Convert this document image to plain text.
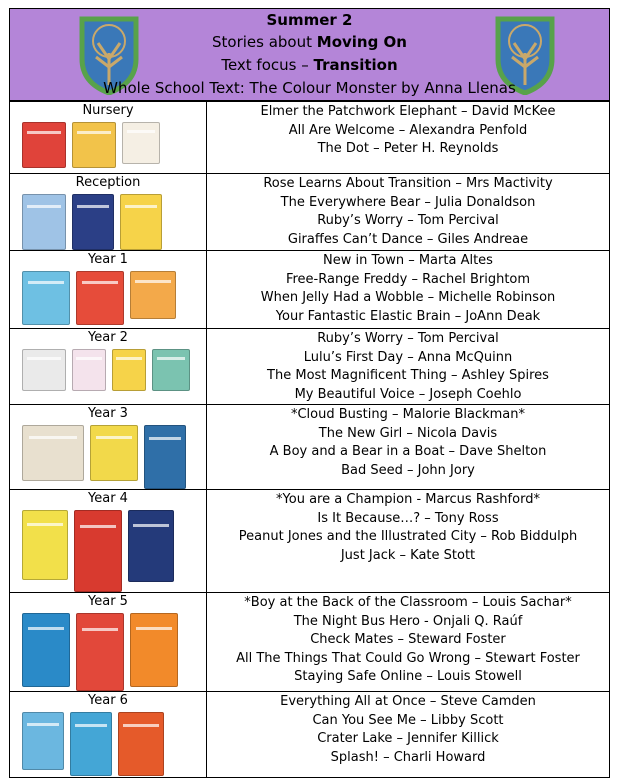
Summer 2
Stories about Moving On
Text focus – Transition
Whole School Text: The Colour Monster by Anna Llenas
Nursery	Elmer the Patchwork Elephant – David McKee
All Are Welcome – Alexandra Penfold
The Dot – Peter H. Reynolds

Reception	Rose Learns About Transition – Mrs Mactivity
The Everywhere Bear – Julia Donaldson
Ruby’s Worry – Tom Percival
Giraffes Can’t Dance – Giles Andreae

Year 1	New in Town – Marta Altes
Free-Range Freddy – Rachel Brightom
When Jelly Had a Wobble – Michelle Robinson
Your Fantastic Elastic Brain – JoAnn Deak

Year 2	Ruby’s Worry – Tom Percival
Lulu’s First Day – Anna McQuinn
The Most Magnificent Thing – Ashley Spires
My Beautiful Voice – Joseph Coehlo

Year 3	*Cloud Busting – Malorie Blackman*
The New Girl – Nicola Davis
A Boy and a Bear in a Boat – Dave Shelton
Bad Seed – John Jory

Year 4	*You are a Champion - Marcus Rashford*
Is It Because…? – Tony Ross
Peanut Jones and the Illustrated City – Rob Biddulph
Just Jack – Kate Stott

Year 5	*Boy at the Back of the Classroom – Louis Sachar*
The Night Bus Hero - Onjali Q. Raúf
Check Mates – Steward Foster
All The Things That Could Go Wrong – Stewart Foster
Staying Safe Online – Louis Stowell

Year 6	Everything All at Once – Steve Camden
Can You See Me – Libby Scott
Crater Lake – Jennifer Killick
Splash! – Charli Howard
